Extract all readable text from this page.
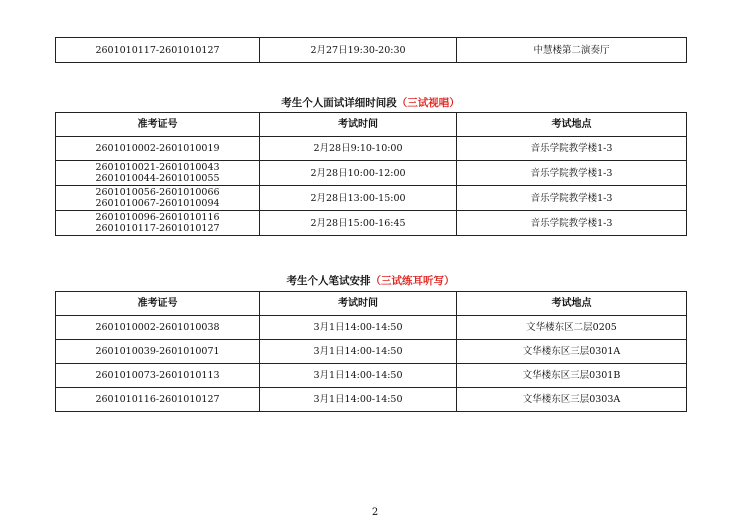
2601010117-2601010127	2月27日19:30-20:30	中慧楼第二演奏厅
考生个人面试详细时间段（三试视唱）
准考证号	考试时间	考试地点
2601010002-2601010019	2月28日9:10-10:00	音乐学院教学楼1-3
2601010021-2601010043
2601010044-2601010055	2月28日10:00-12:00	音乐学院教学楼1-3
2601010056-2601010066
2601010067-2601010094	2月28日13:00-15:00	音乐学院教学楼1-3
2601010096-2601010116
2601010117-2601010127	2月28日15:00-16:45	音乐学院教学楼1-3
考生个人笔试安排（三试练耳听写）
准考证号	考试时间	考试地点
2601010002-2601010038	3月1日14:00-14:50	文华楼东区二层0205
2601010039-2601010071	3月1日14:00-14:50	文华楼东区三层0301A
2601010073-2601010113	3月1日14:00-14:50	文华楼东区三层0301B
2601010116-2601010127	3月1日14:00-14:50	文华楼东区三层0303A
2
